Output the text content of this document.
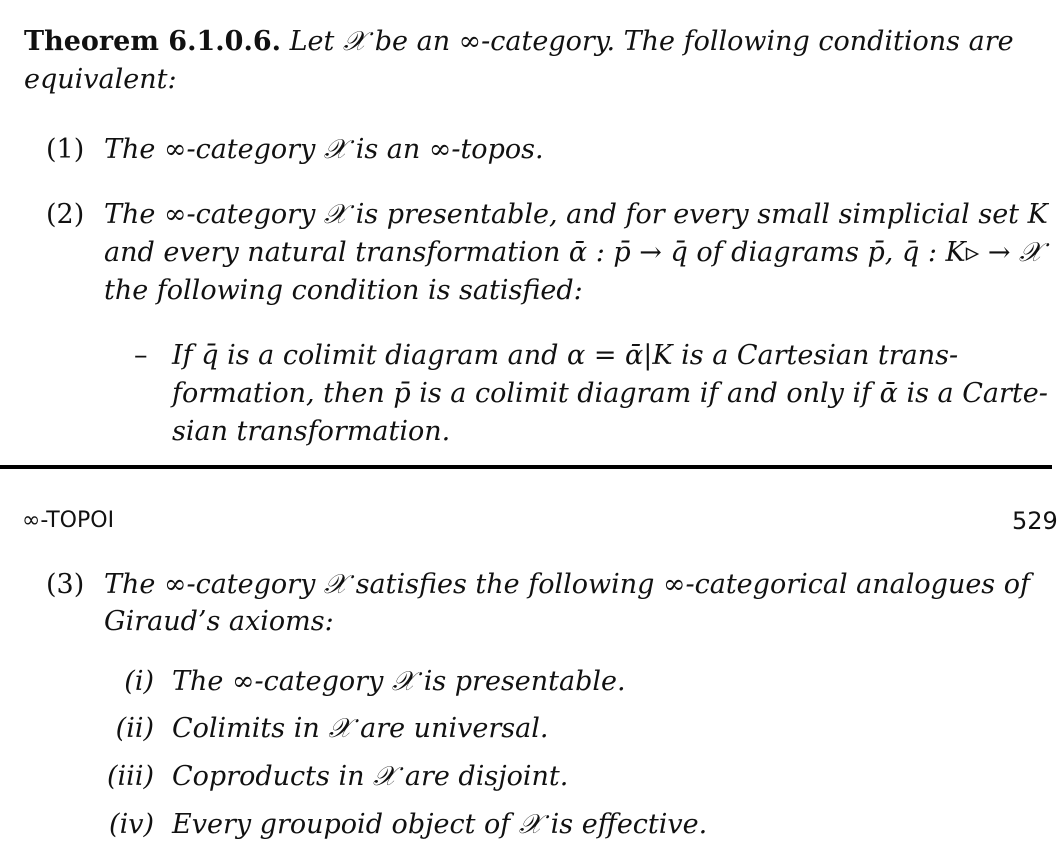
Theorem 6.1.0.6. Let 𝒳 be an ∞-category. The following conditions are
equivalent:
(1) The ∞-category 𝒳 is an ∞-topos.
(2) The ∞-category 𝒳 is presentable, and for every small simplicial set K
and every natural transformation ᾱ : p̄ → q̄ of diagrams p̄, q̄ : K▹ → 𝒳
the following condition is satisfied:
– If q̄ is a colimit diagram and α = ᾱ|K is a Cartesian trans-
formation, then p̄ is a colimit diagram if and only if ᾱ is a Carte-
sian transformation.
∞-TOPOI	529
(3) The ∞-category 𝒳 satisfies the following ∞-categorical analogues of
Giraud’s axioms:
(i) The ∞-category 𝒳 is presentable.
(ii) Colimits in 𝒳 are universal.
(iii) Coproducts in 𝒳 are disjoint.
(iv) Every groupoid object of 𝒳 is effective.
